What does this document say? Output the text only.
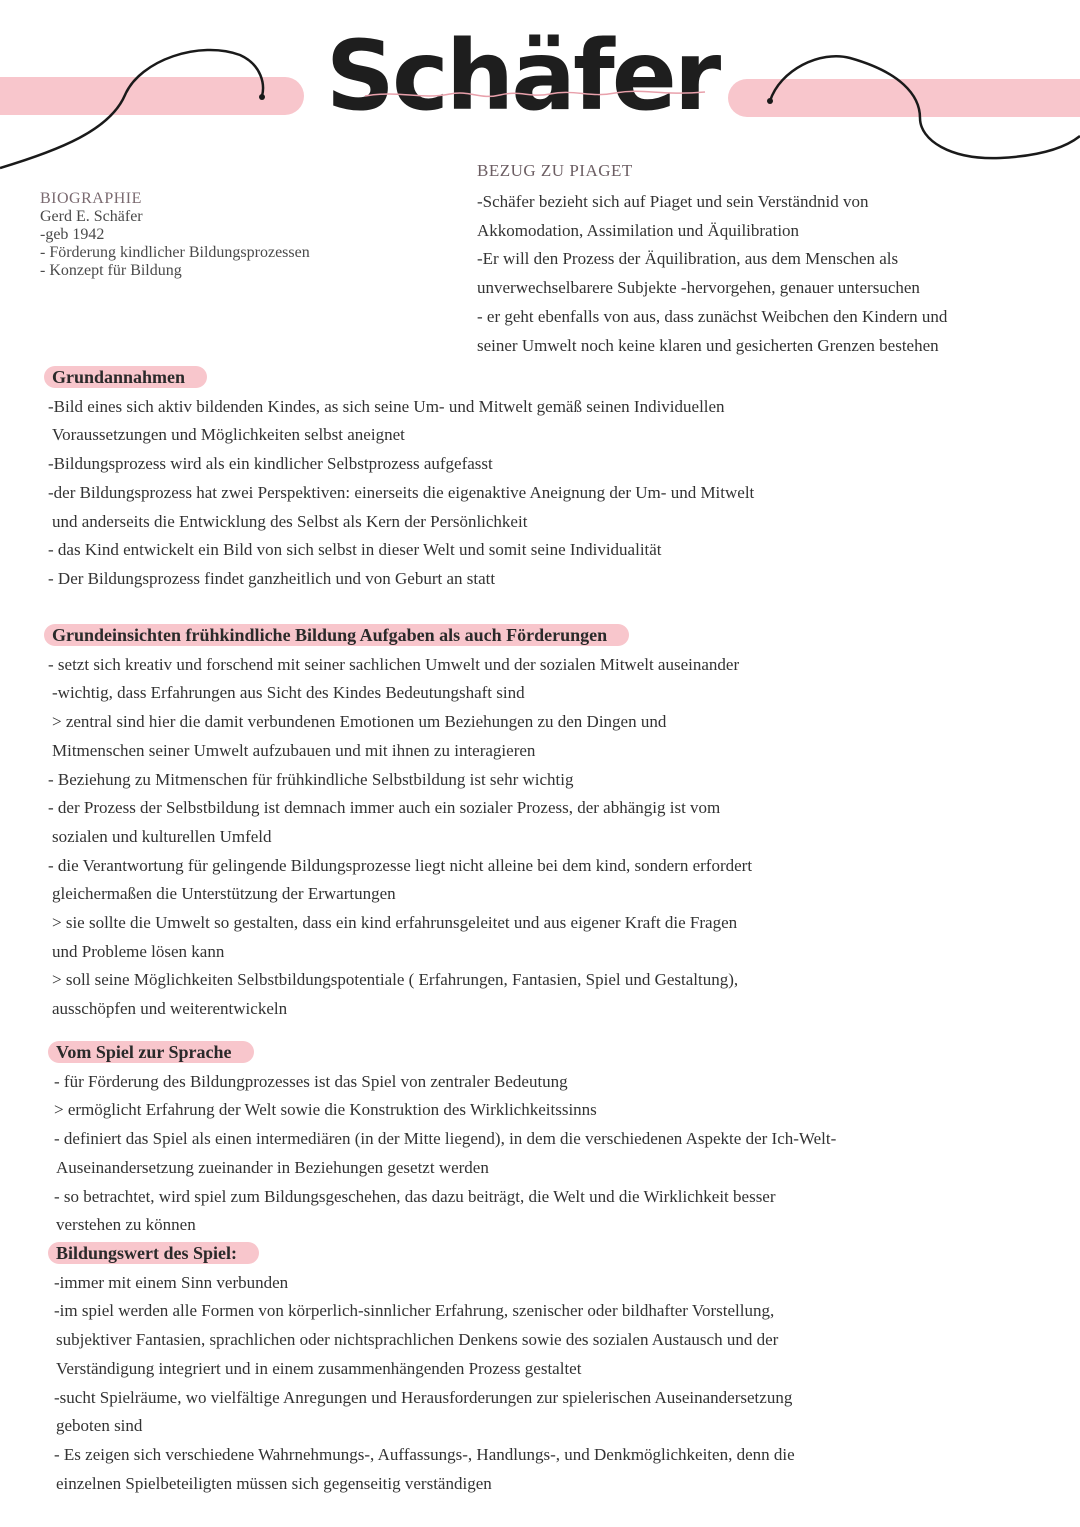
Schäfer
BIOGRAPHIE
Gerd E. Schäfer
-geb 1942
- Förderung kindlicher Bildungsprozessen
- Konzept für Bildung
BEZUG ZU PIAGET
-Schäfer bezieht sich auf Piaget und sein Verständnid von
Akkomodation, Assimilation und Äquilibration
-Er will den Prozess der Äquilibration, aus dem Menschen als
unverwechselbarere Subjekte -hervorgehen, genauer untersuchen
- er geht ebenfalls von aus, dass zunächst Weibchen den Kindern und
seiner Umwelt noch keine klaren und gesicherten Grenzen bestehen
Grundannahmen
-Bild eines sich aktiv bildenden Kindes, as sich seine Um- und Mitwelt gemäß seinen Individuellen
Voraussetzungen und Möglichkeiten selbst aneignet
-Bildungsprozess wird als ein kindlicher Selbstprozess aufgefasst
-der Bildungsprozess hat zwei Perspektiven: einerseits die eigenaktive Aneignung der Um- und Mitwelt
und anderseits die Entwicklung des Selbst als Kern der Persönlichkeit
- das Kind entwickelt ein Bild von sich selbst in dieser Welt und somit seine Individualität
- Der Bildungsprozess findet ganzheitlich und von Geburt an statt
Grundeinsichten frühkindliche Bildung Aufgaben als auch Förderungen
- setzt sich kreativ und forschend mit seiner sachlichen Umwelt und der sozialen Mitwelt auseinander
-wichtig, dass Erfahrungen aus Sicht des Kindes Bedeutungshaft sind
> zentral sind hier die damit verbundenen Emotionen um Beziehungen zu den Dingen und
Mitmenschen seiner Umwelt aufzubauen und mit ihnen zu interagieren
- Beziehung zu Mitmenschen für frühkindliche Selbstbildung ist sehr wichtig
- der Prozess der Selbstbildung ist demnach immer auch ein sozialer Prozess, der abhängig ist vom
sozialen und kulturellen Umfeld
- die Verantwortung für gelingende Bildungsprozesse liegt nicht alleine bei dem kind, sondern erfordert
gleichermaßen die Unterstützung der Erwartungen
> sie sollte die Umwelt so gestalten, dass ein kind erfahrunsgeleitet und aus eigener Kraft die Fragen
und Probleme lösen kann
> soll seine Möglichkeiten Selbstbildungspotentiale ( Erfahrungen, Fantasien, Spiel und Gestaltung),
ausschöpfen und weiterentwickeln
Vom Spiel zur Sprache
- für Förderung des Bildungprozesses ist das Spiel von zentraler Bedeutung
> ermöglicht Erfahrung der Welt sowie die Konstruktion des Wirklichkeitssinns
- definiert das Spiel als einen intermediären (in der Mitte liegend), in dem die verschiedenen Aspekte der Ich-Welt-
Auseinandersetzung zueinander in Beziehungen gesetzt werden
- so betrachtet, wird spiel zum Bildungsgeschehen, das dazu beiträgt, die Welt und die Wirklichkeit besser
verstehen zu können
Bildungswert des Spiel:
-immer mit einem Sinn verbunden
-im spiel werden alle Formen von körperlich-sinnlicher Erfahrung, szenischer oder bildhafter Vorstellung,
subjektiver Fantasien, sprachlichen oder nichtsprachlichen Denkens sowie des sozialen Austausch und der
Verständigung integriert und in einem zusammenhängenden Prozess gestaltet
-sucht Spielräume, wo vielfältige Anregungen und Herausforderungen zur spielerischen Auseinandersetzung
geboten sind
- Es zeigen sich verschiedene Wahrnehmungs-, Auffassungs-, Handlungs-, und Denkmöglichkeiten, denn die
einzelnen Spielbeteiligten müssen sich gegenseitig verständigen
